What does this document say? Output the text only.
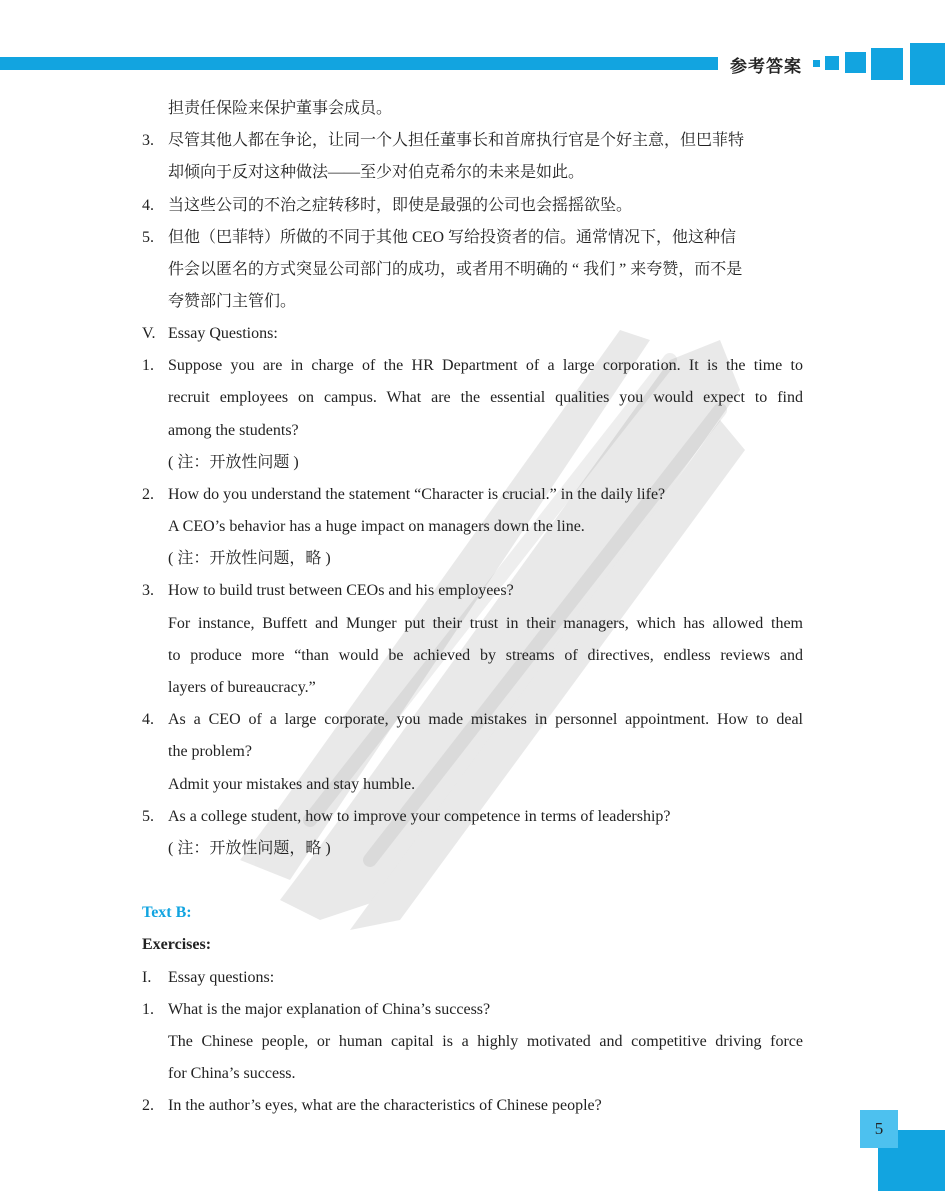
参考答案
担责任保险来保护董事会成员。
3. 尽管其他人都在争论，让同一个人担任董事长和首席执行官是个好主意，但巴菲特
却倾向于反对这种做法——至少对伯克希尔的未来是如此。
4. 当这些公司的不治之症转移时，即使是最强的公司也会摇摇欲坠。
5. 但他（巴菲特）所做的不同于其他 CEO 写给投资者的信。通常情况下，他这种信
件会以匿名的方式突显公司部门的成功，或者用不明确的 “ 我们 ” 来夸赞，而不是
夸赞部门主管们。
V. Essay Questions:
1. Suppose you are in charge of the HR Department of a large corporation. It is the time to
recruit employees on campus. What are the essential qualities you would expect to find
among the students?
( 注：开放性问题 )
2. How do you understand the statement “Character is crucial.” in the daily life?
A CEO’s behavior has a huge impact on managers down the line.
( 注：开放性问题，略 )
3. How to build trust between CEOs and his employees?
For instance, Buffett and Munger put their trust in their managers, which has allowed them
to produce more “than would be achieved by streams of directives, endless reviews and
layers of bureaucracy.”
4. As a CEO of a large corporate, you made mistakes in personnel appointment. How to deal
the problem?
Admit your mistakes and stay humble.
5. As a college student, how to improve your competence in terms of leadership?
( 注：开放性问题，略 )
Text B:
Exercises:
I. Essay questions:
1. What is the major explanation of China’s success?
The Chinese people, or human capital is a highly motivated and competitive driving force
for China’s success.
2. In the author’s eyes, what are the characteristics of Chinese people?
5
